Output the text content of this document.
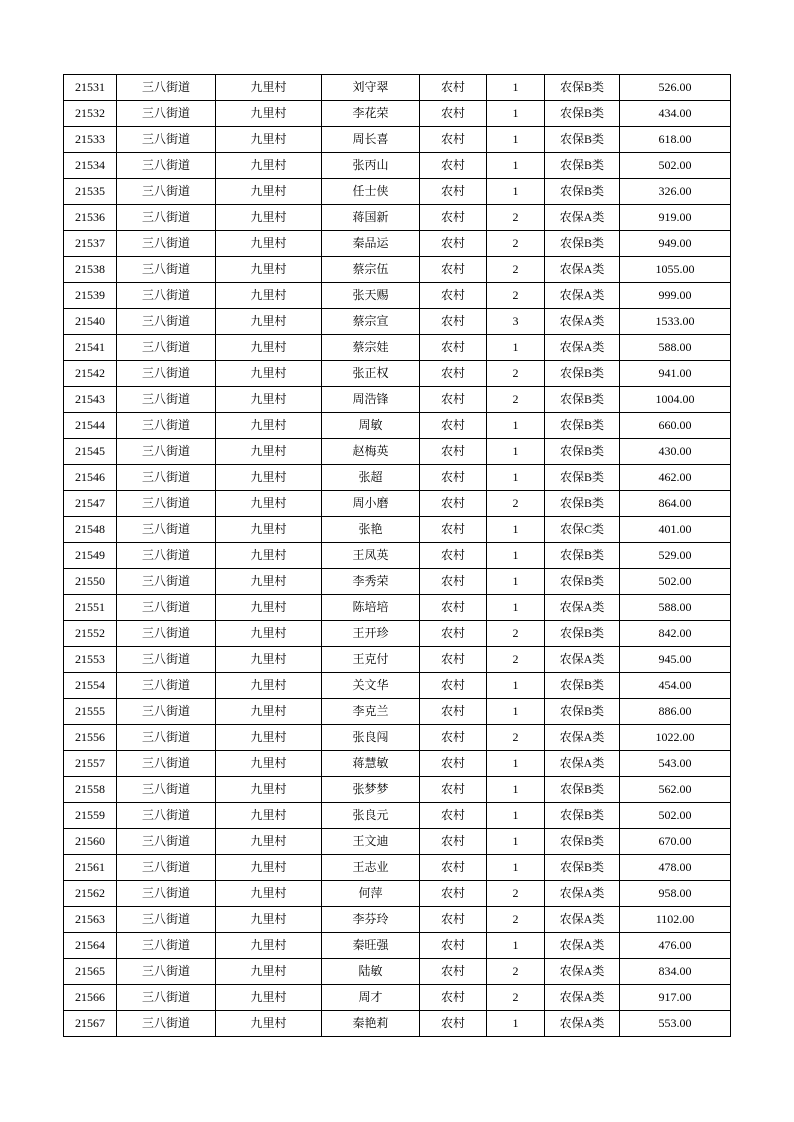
21531	三八街道	九里村	刘守翠	农村	1	农保B类	526.00
21532	三八街道	九里村	李花荣	农村	1	农保B类	434.00
21533	三八街道	九里村	周长喜	农村	1	农保B类	618.00
21534	三八街道	九里村	张丙山	农村	1	农保B类	502.00
21535	三八街道	九里村	任士侠	农村	1	农保B类	326.00
21536	三八街道	九里村	蒋国新	农村	2	农保A类	919.00
21537	三八街道	九里村	秦品运	农村	2	农保B类	949.00
21538	三八街道	九里村	蔡宗伍	农村	2	农保A类	1055.00
21539	三八街道	九里村	张天赐	农村	2	农保A类	999.00
21540	三八街道	九里村	蔡宗宣	农村	3	农保A类	1533.00
21541	三八街道	九里村	蔡宗娃	农村	1	农保A类	588.00
21542	三八街道	九里村	张正权	农村	2	农保B类	941.00
21543	三八街道	九里村	周浩锋	农村	2	农保B类	1004.00
21544	三八街道	九里村	周敏	农村	1	农保B类	660.00
21545	三八街道	九里村	赵梅英	农村	1	农保B类	430.00
21546	三八街道	九里村	张超	农村	1	农保B类	462.00
21547	三八街道	九里村	周小磨	农村	2	农保B类	864.00
21548	三八街道	九里村	张艳	农村	1	农保C类	401.00
21549	三八街道	九里村	王凤英	农村	1	农保B类	529.00
21550	三八街道	九里村	李秀荣	农村	1	农保B类	502.00
21551	三八街道	九里村	陈培培	农村	1	农保A类	588.00
21552	三八街道	九里村	王开珍	农村	2	农保B类	842.00
21553	三八街道	九里村	王克付	农村	2	农保A类	945.00
21554	三八街道	九里村	关文华	农村	1	农保B类	454.00
21555	三八街道	九里村	李克兰	农村	1	农保B类	886.00
21556	三八街道	九里村	张良闯	农村	2	农保A类	1022.00
21557	三八街道	九里村	蒋慧敏	农村	1	农保A类	543.00
21558	三八街道	九里村	张梦梦	农村	1	农保B类	562.00
21559	三八街道	九里村	张良元	农村	1	农保B类	502.00
21560	三八街道	九里村	王文迪	农村	1	农保B类	670.00
21561	三八街道	九里村	王志业	农村	1	农保B类	478.00
21562	三八街道	九里村	何萍	农村	2	农保A类	958.00
21563	三八街道	九里村	李芬玲	农村	2	农保A类	1102.00
21564	三八街道	九里村	秦旺强	农村	1	农保A类	476.00
21565	三八街道	九里村	陆敏	农村	2	农保A类	834.00
21566	三八街道	九里村	周才	农村	2	农保A类	917.00
21567	三八街道	九里村	秦艳莉	农村	1	农保A类	553.00
